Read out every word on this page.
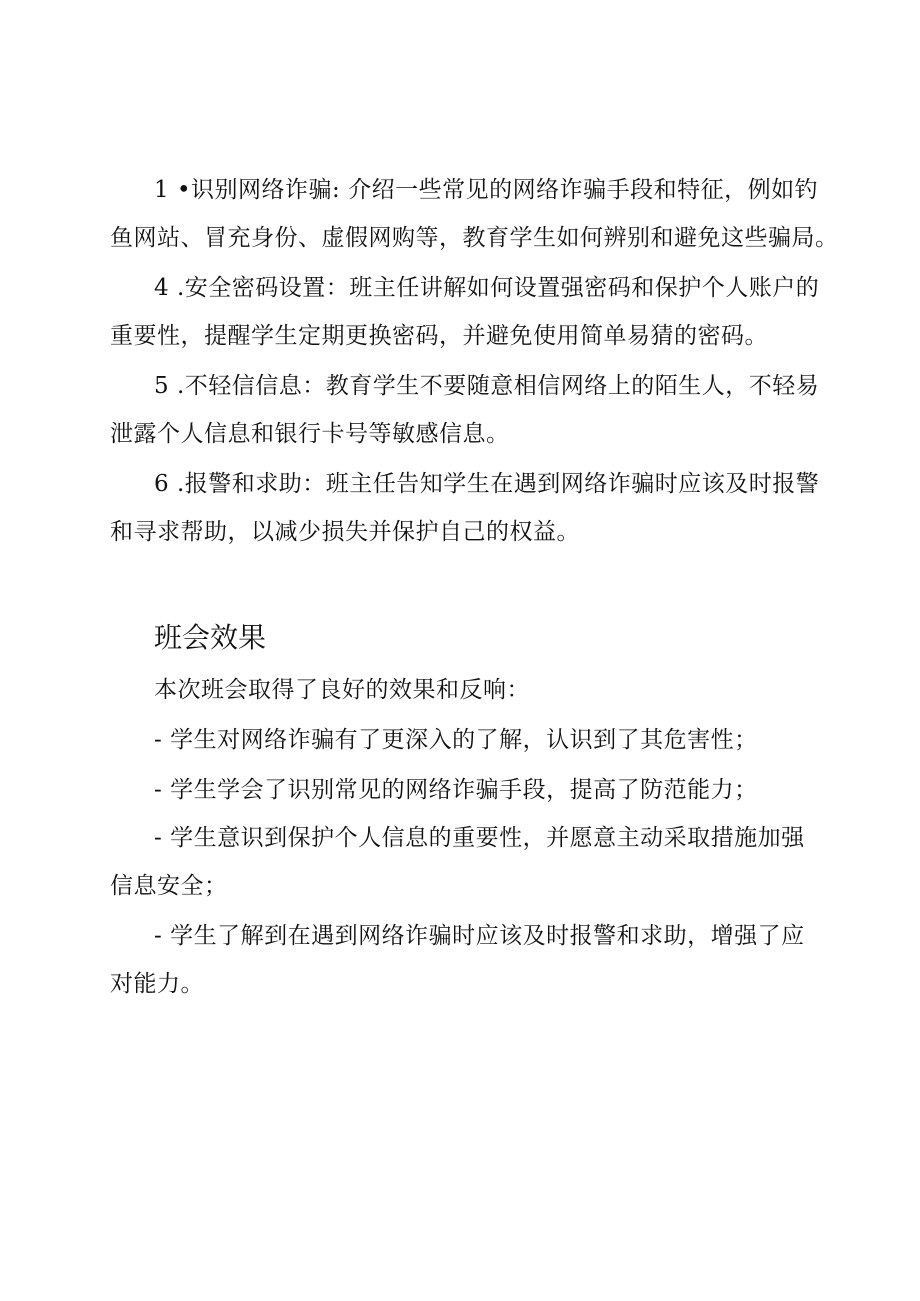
1 •识别网络诈骗: 介绍一些常见的网络诈骗手段和特征，例如钓
鱼网站、冒充身份、虚假网购等，教育学生如何辨别和避免这些骗局。

4 .安全密码设置：班主任讲解如何设置强密码和保护个人账户的
重要性，提醒学生定期更换密码，并避免使用简单易猜的密码。

5 .不轻信信息：教育学生不要随意相信网络上的陌生人，不轻易
泄露个人信息和银行卡号等敏感信息。

6 .报警和求助：班主任告知学生在遇到网络诈骗时应该及时报警
和寻求帮助，以减少损失并保护自己的权益。

班会效果

本次班会取得了良好的效果和反响：

- 学生对网络诈骗有了更深入的了解，认识到了其危害性；

- 学生学会了识别常见的网络诈骗手段，提高了防范能力；

- 学生意识到保护个人信息的重要性，并愿意主动采取措施加强
信息安全；

- 学生了解到在遇到网络诈骗时应该及时报警和求助，增强了应
对能力。
